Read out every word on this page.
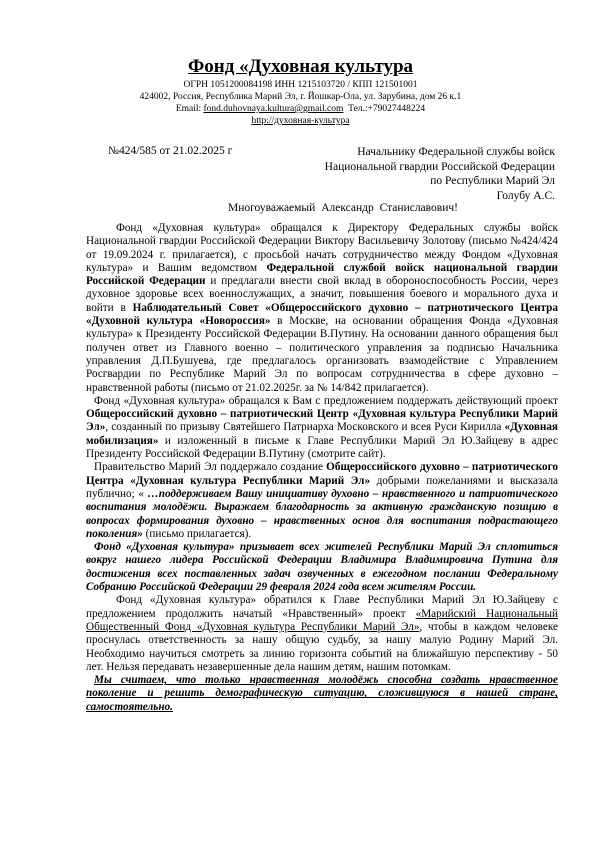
Фонд «Духовная культура
ОГРН 1051200084198 ИНН 1215103720 / КПП 121501001
424002, Россия, Республика Марий Эл, г. Йошкар-Ола, ул. Зарубина, дом 26 к.1
Email: fond.duhovnaya.kultura@gmail.com Тел.:+79027448224
http://духовная-культура
№424/585 от 21.02.2025 г	Начальнику Федеральной службы войск
Национальной гвардии Российской Федерации
по Республики Марий Эл
Голубу А.С.
Многоуважаемый Александр Станиславович!

Фонд «Духовная культура» обращался к Директору Федеральных службы войск Национальной гвардии Российской Федерации Виктору Васильевичу Золотову (письмо №424/424 от 19.09.2024 г. прилагается), с просьбой начать сотрудничество между Фондом «Духовная культура» и Вашим ведомством Федеральной службой войск национальной гвардии Российской Федерации и предлагали внести свой вклад в обороноспособность России, через духовное здоровье всех военнослужащих, а значит, повышения боевого и морального духа и войти в Наблюдательный Совет «Общероссийского духовно – патриотического Центра «Духовной культура «Новороссия» в Москве, на основании обращения Фонда «Духовная культура» к Президенту Российской Федерации В.Путину. На основании данного обращения был получен ответ из Главного военно – политического управления за подписью Начальника управления Д.П.Бушуева, где предлагалось организовать взамодействие с Управлением Росгвардии по Республике Марий Эл по вопросам сотрудничества в сфере духовно – нравственной работы (письмо от 21.02.2025г. за № 14/842 прилагается).

Фонд «Духовная культура» обращался к Вам с предложением поддержать действующий проект Общероссийский духовно – патриотический Центр «Духовная культура Республики Марий Эл», созданный по призыву Святейшего Патриарха Московского и всея Руси Кирилла «Духовная мобилизация» и изложенный в письме к Главе Республики Марий Эл Ю.Зайцеву в адрес Президенту Российской Федерации В.Путину (смотрите сайт).

Правительство Марий Эл поддержало создание Общероссийского духовно – патриотического Центра «Духовная культура Республики Марий Эл» добрыми пожеланиями и высказала публично; « …поддерживаем Вашу инициативу духовно – нравственного и патриотического воспитания молодёжи. Выражаем благодарность за активную гражданскую позицию в вопросах формирования духовно – нравственных основ для воспитания подрастающего поколения» (письмо прилагается).

Фонд «Духовная культура» призывает всех жителей Республики Марий Эл сплотиться вокруг нашего лидера Российской Федерации Владимира Владимировича Путина для достижения всех поставленных задач озвученных в ежегодном послании Федеральному Собранию Российской Федерации 29 февраля 2024 года всем жителям России.

Фонд «Духовная культура» обратился к Главе Республики Марий Эл Ю.Зайцеву с предложением продолжить начатый «Нравственный» проект «Марийский Национальный Общественный Фонд «Духовная культура Республики Марий Эл», чтобы в каждом человеке проснулась ответственность за нашу общую судьбу, за нашу малую Родину Марий Эл. Необходимо научиться смотреть за линию горизонта событий на ближайшую перспективу - 50 лет. Нельзя передавать незавершенные дела нашим детям, нашим потомкам.

Мы считаем, что только нравственная молодёжь способна создать нравственное поколение и решить демографическую ситуацию, сложившуюся в нашей стране, самостоятельно.
